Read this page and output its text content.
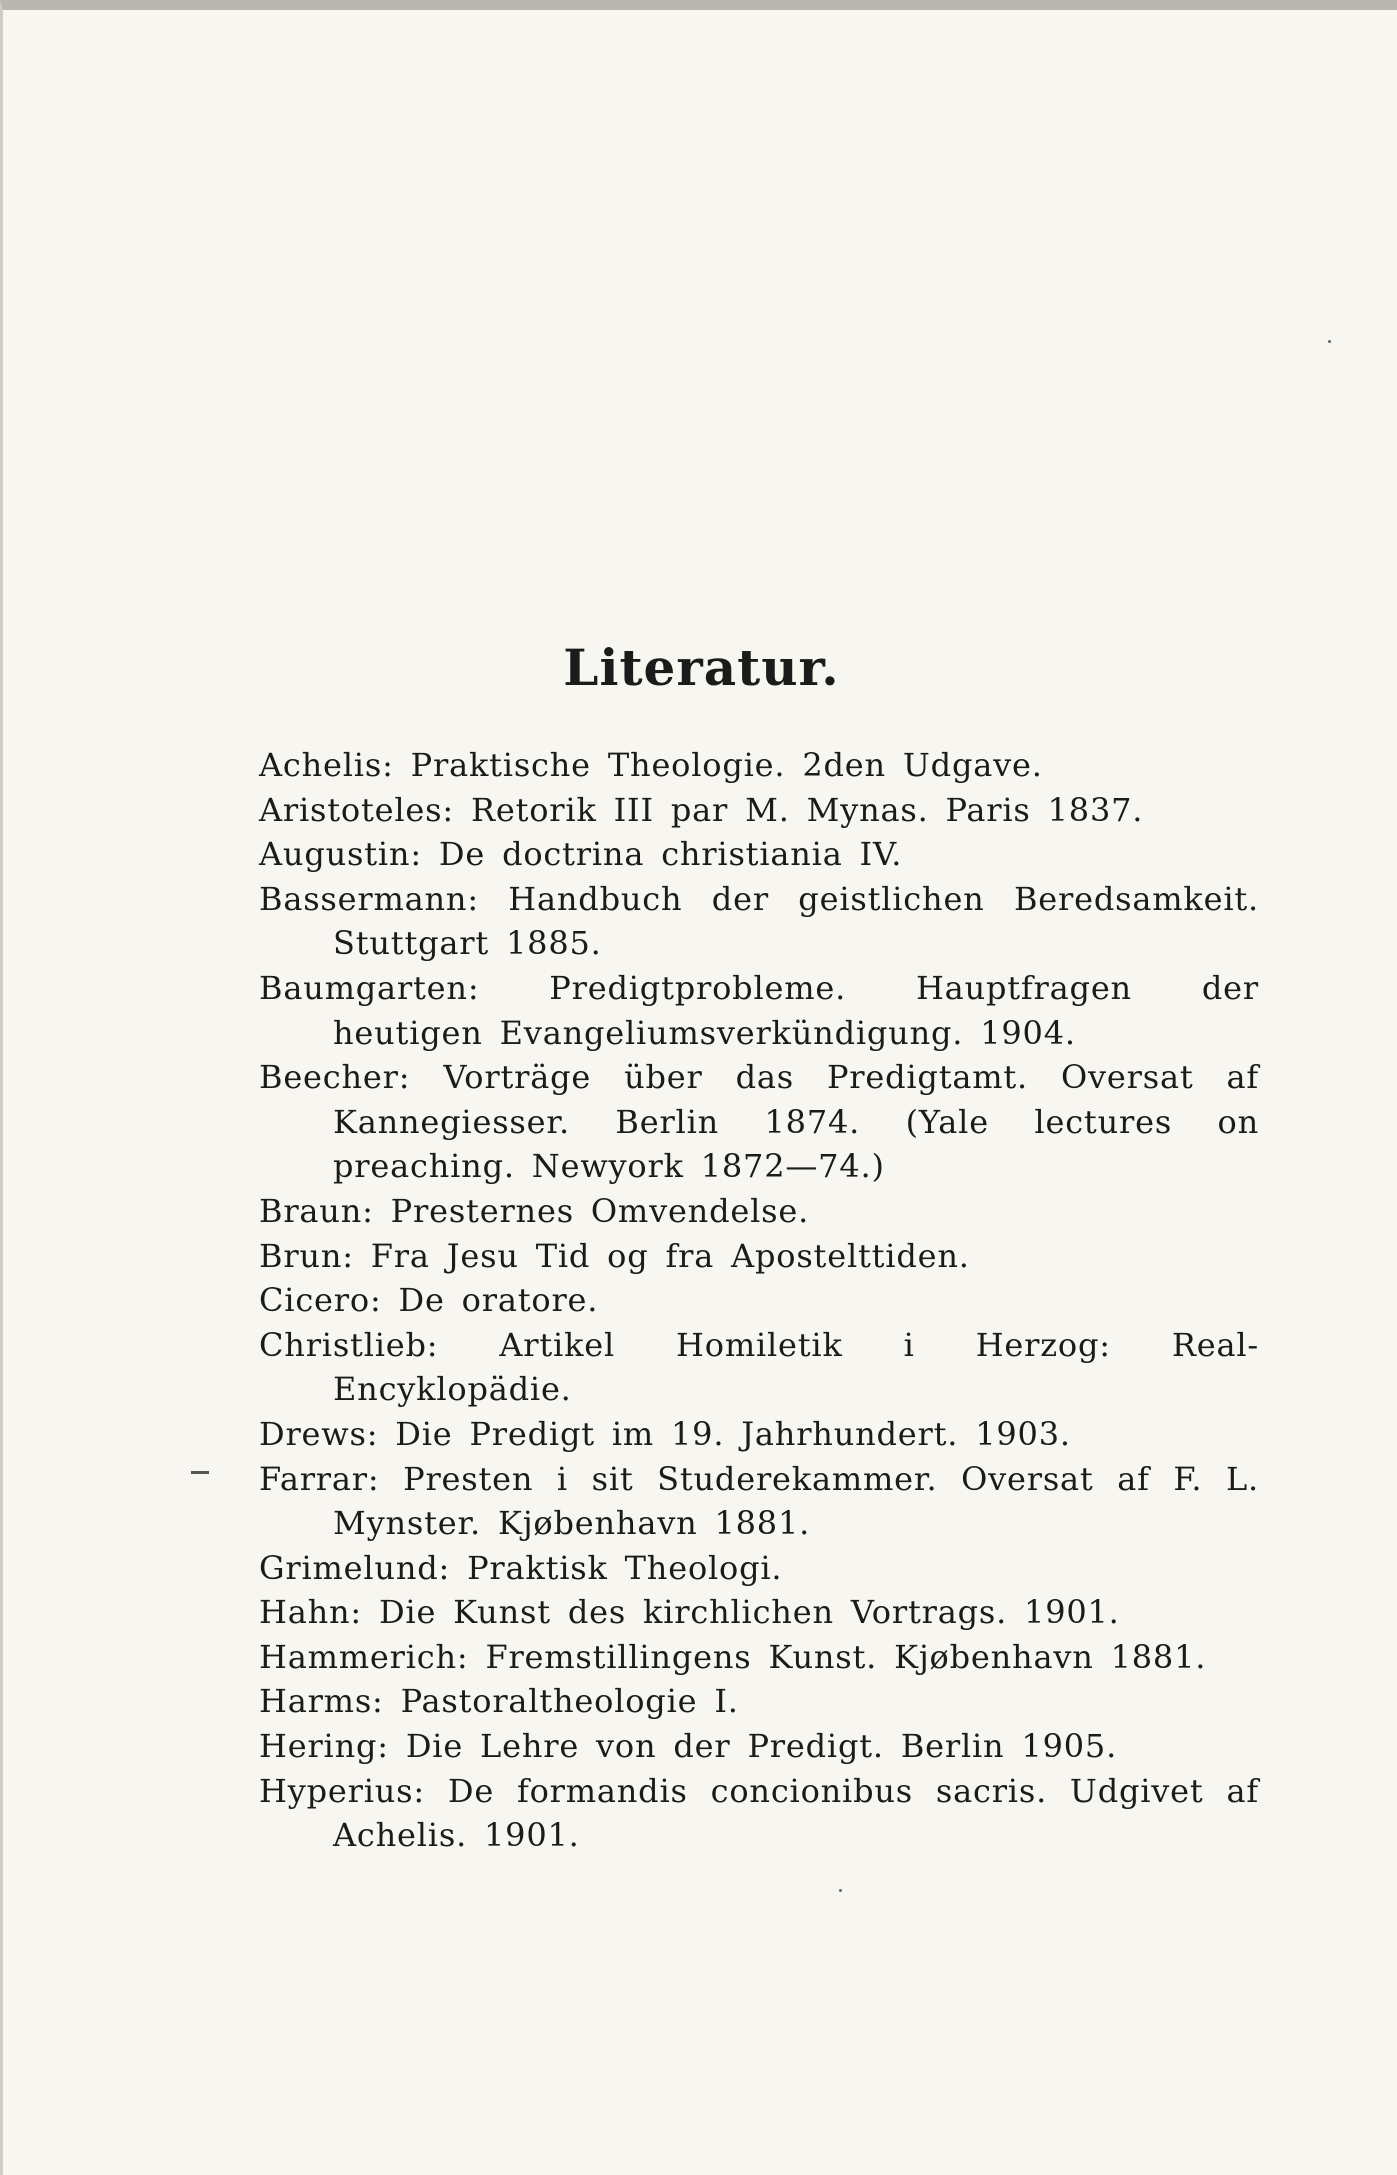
Literatur.
Achelis: Praktische Theologie. 2den Udgave.
Aristoteles: Retorik III par M. Mynas. Paris 1837.
Augustin: De doctrina christiania IV.
Bassermann: Handbuch der geistlichen Beredsamkeit. Stuttgart 1885.
Baumgarten: Predigtprobleme. Hauptfragen der heutigen Evangeliumsverkündigung. 1904.
Beecher: Vorträge über das Predigtamt. Oversat af Kannegiesser. Berlin 1874. (Yale lectures on preaching. Newyork 1872—74.)
Braun: Presternes Omvendelse.
Brun: Fra Jesu Tid og fra Apostelttiden.
Cicero: De oratore.
Christlieb: Artikel Homiletik i Herzog: Real-Encyklopädie.
Drews: Die Predigt im 19. Jahrhundert. 1903.
Farrar: Presten i sit Studerekammer. Oversat af F. L. Mynster. Kjøbenhavn 1881.
Grimelund: Praktisk Theologi.
Hahn: Die Kunst des kirchlichen Vortrags. 1901.
Hammerich: Fremstillingens Kunst. Kjøbenhavn 1881.
Harms: Pastoraltheologie I.
Hering: Die Lehre von der Predigt. Berlin 1905.
Hyperius: De formandis concionibus sacris. Udgivet af Achelis. 1901.
